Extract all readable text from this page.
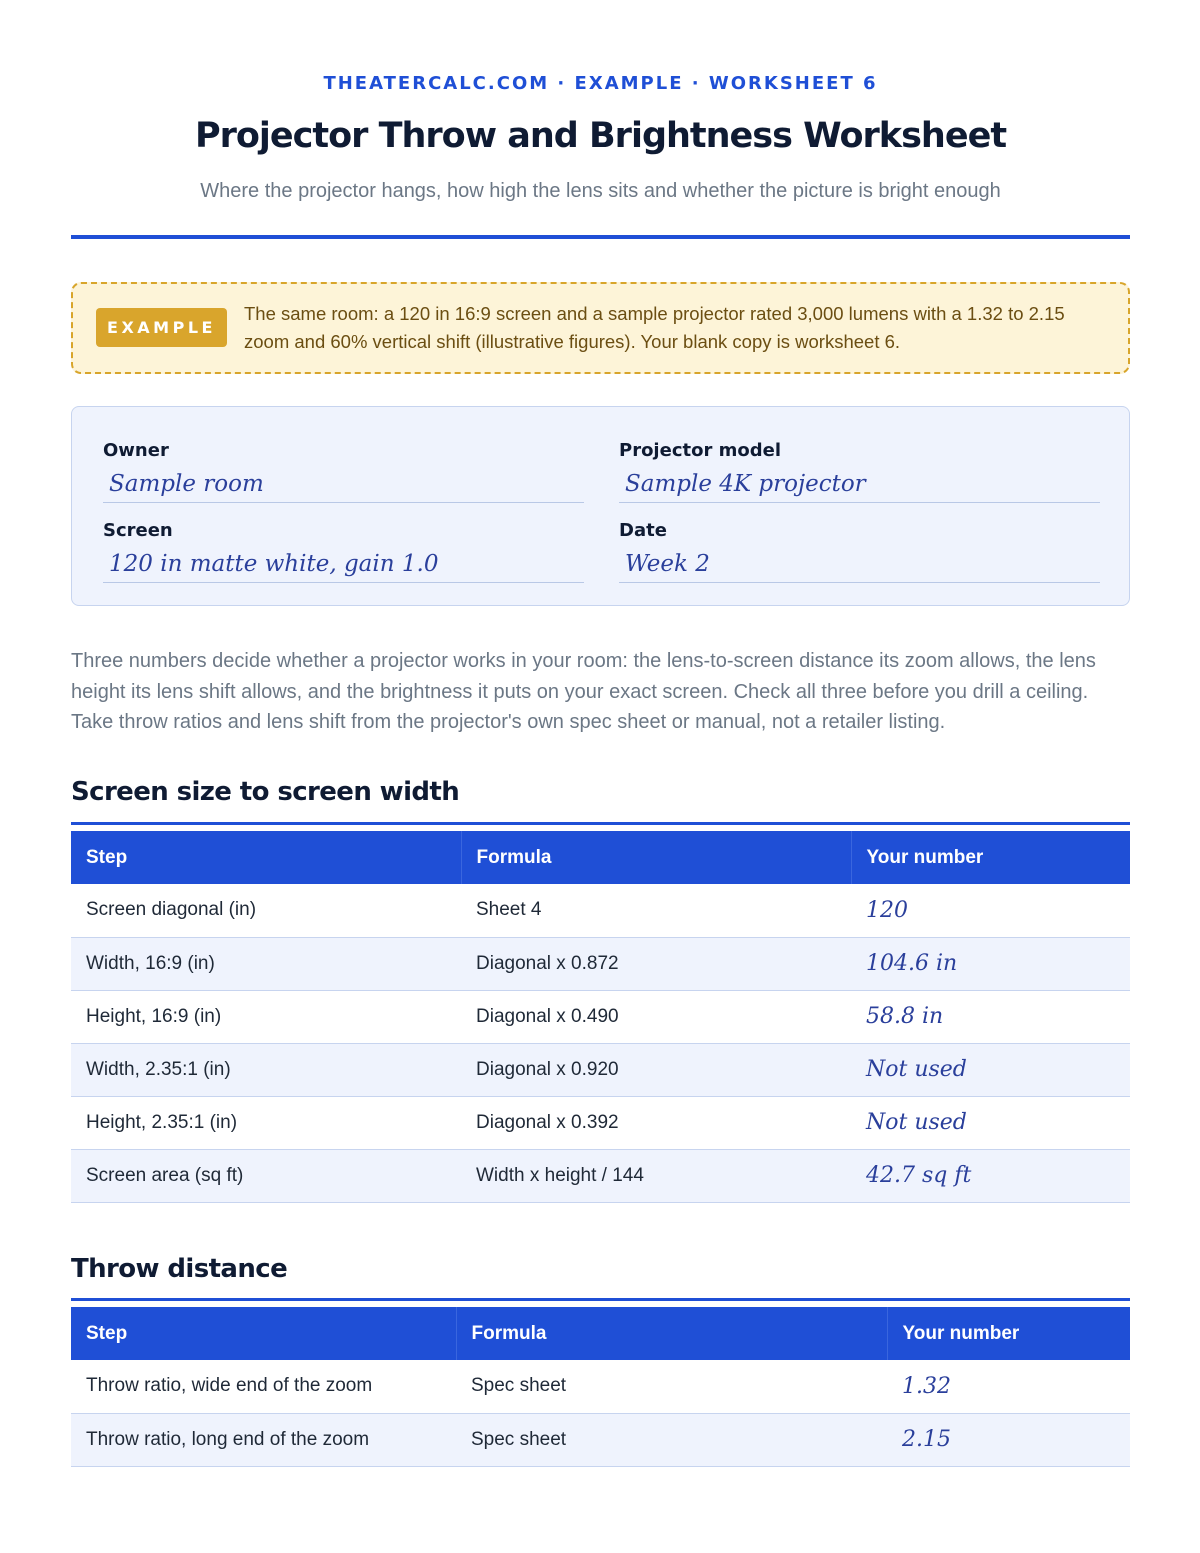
THEATERCALC.COM · EXAMPLE · WORKSHEET 6
Projector Throw and Brightness Worksheet
Where the projector hangs, how high the lens sits and whether the picture is bright enough
EXAMPLE
The same room: a 120 in 16:9 screen and a sample projector rated 3,000 lumens with a 1.32 to 2.15 zoom and 60% vertical shift (illustrative figures). Your blank copy is worksheet 6.
Owner
Sample room
Projector model
Sample 4K projector
Screen
120 in matte white, gain 1.0
Date
Week 2

Three numbers decide whether a projector works in your room: the lens-to-screen distance its zoom allows, the lens height its lens shift allows, and the brightness it puts on your exact screen. Check all three before you drill a ceiling. Take throw ratios and lens shift from the projector's own spec sheet or manual, not a retailer listing.

Screen size to screen width
Step	Formula	Your number
Screen diagonal (in)	Sheet 4	120
Width, 16:9 (in)	Diagonal x 0.872	104.6 in
Height, 16:9 (in)	Diagonal x 0.490	58.8 in
Width, 2.35:1 (in)	Diagonal x 0.920	Not used
Height, 2.35:1 (in)	Diagonal x 0.392	Not used
Screen area (sq ft)	Width x height / 144	42.7 sq ft
Throw distance
Step	Formula	Your number
Throw ratio, wide end of the zoom	Spec sheet	1.32
Throw ratio, long end of the zoom	Spec sheet	2.15
